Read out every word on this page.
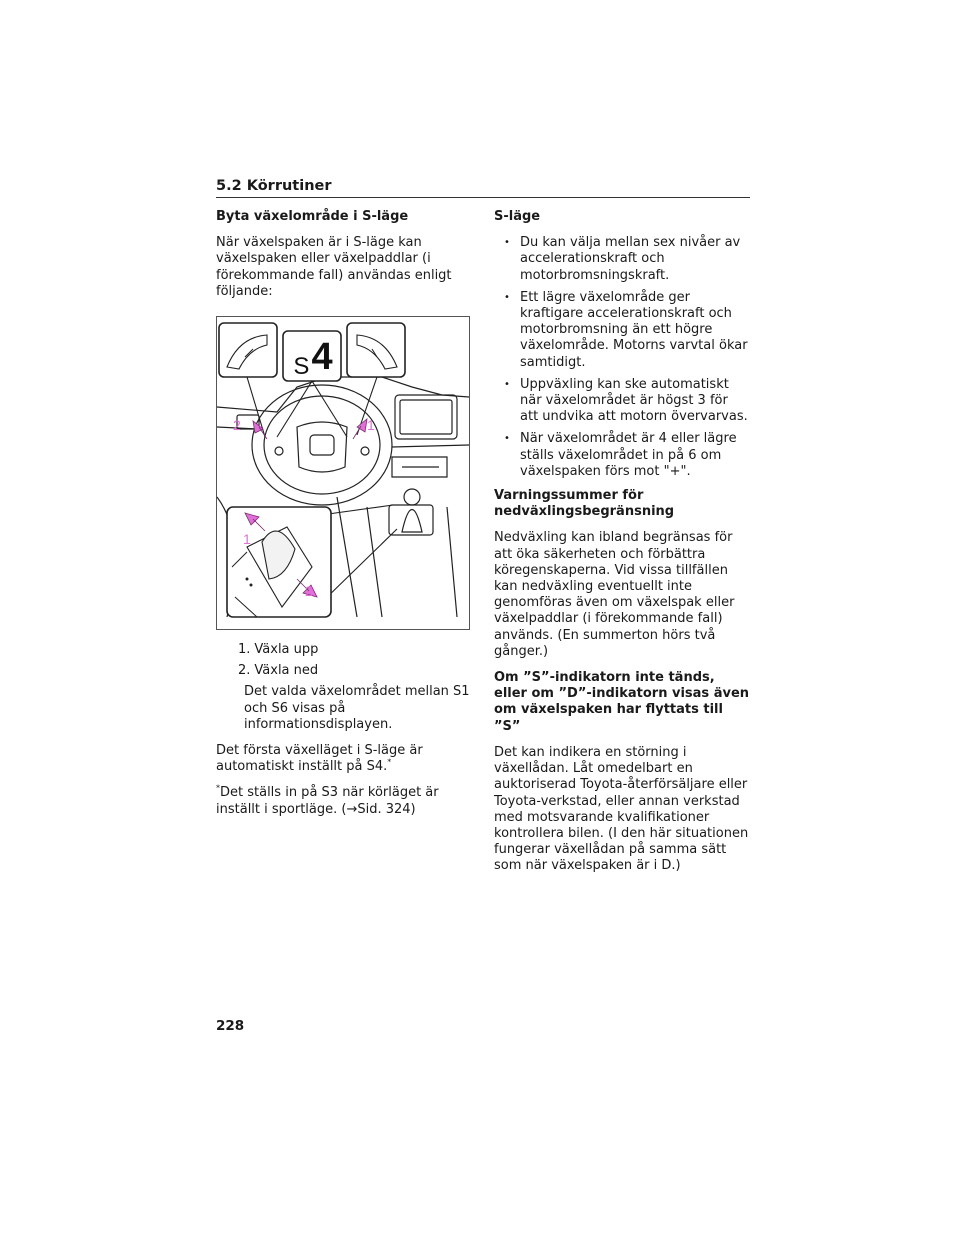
5.2 Körrutiner
Byta växelområde i S-läge

När växelspaken är i S-läge kan växelspaken eller växelpaddlar (i förekommande fall) användas enligt följande:

S 4
1
2
1
2
1. Växla upp
2. Växla ned

Det valda växelområdet mellan S1 och S6 visas på informationsdisplayen.

Det första växelläget i S-läge är automatiskt inställt på S4.*

*Det ställs in på S3 när körläget är inställt i sportläge. (→Sid. 324)

S-läge
• Du kan välja mellan sex nivåer av accelerationskraft och motorbromsningskraft.
• Ett lägre växelområde ger kraftigare accelerationskraft och motorbromsning än ett högre växelområde. Motorns varvtal ökar samtidigt.
• Uppväxling kan ske automatiskt när växelområdet är högst 3 för att undvika att motorn övervarvas.
• När växelområdet är 4 eller lägre ställs växelområdet in på 6 om växelspaken förs mot "+".
Varningssummer för nedväxlingsbegränsning

Nedväxling kan ibland begränsas för att öka säkerheten och förbättra köregenskaperna. Vid vissa tillfällen kan nedväxling eventuellt inte genomföras även om växelspak eller växelpaddlar (i förekommande fall) används. (En summerton hörs två gånger.)

Om ”S”-indikatorn inte tänds, eller om ”D”-indikatorn visas även om växelspaken har flyttats till ”S”

Det kan indikera en störning i växellådan. Låt omedelbart en auktoriserad Toyota-återförsäljare eller Toyota-verkstad, eller annan verkstad med motsvarande kvalifikationer kontrollera bilen. (I den här situationen fungerar växellådan på samma sätt som när växelspaken är i D.)

228
